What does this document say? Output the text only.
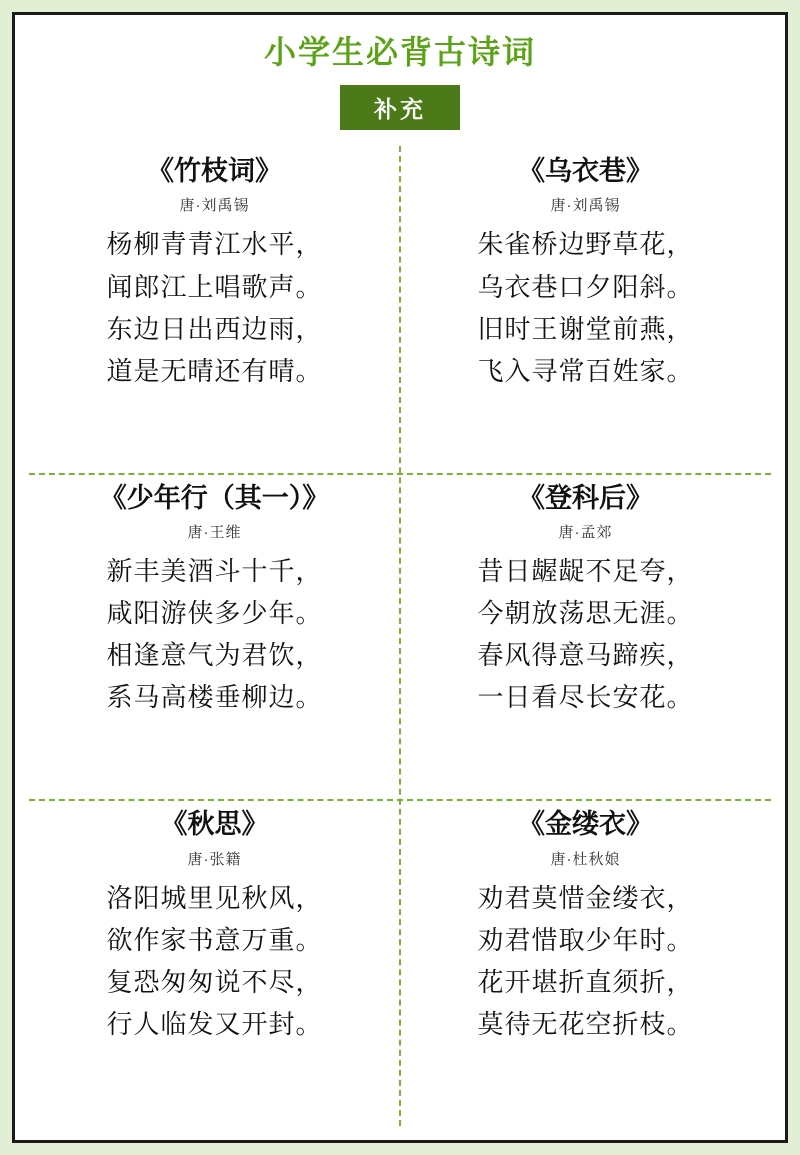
小学生必背古诗词
补充
《竹枝词》
唐·刘禹锡
杨柳青青江水平，
闻郎江上唱歌声。
东边日出西边雨，
道是无晴还有晴。
《乌衣巷》
唐·刘禹锡
朱雀桥边野草花，
乌衣巷口夕阳斜。
旧时王谢堂前燕，
飞入寻常百姓家。
《少年行（其一）》
唐·王维
新丰美酒斗十千，
咸阳游侠多少年。
相逢意气为君饮，
系马高楼垂柳边。
《登科后》
唐·孟郊
昔日龌龊不足夸，
今朝放荡思无涯。
春风得意马蹄疾，
一日看尽长安花。
《秋思》
唐·张籍
洛阳城里见秋风，
欲作家书意万重。
复恐匆匆说不尽，
行人临发又开封。
《金缕衣》
唐·杜秋娘
劝君莫惜金缕衣，
劝君惜取少年时。
花开堪折直须折，
莫待无花空折枝。
